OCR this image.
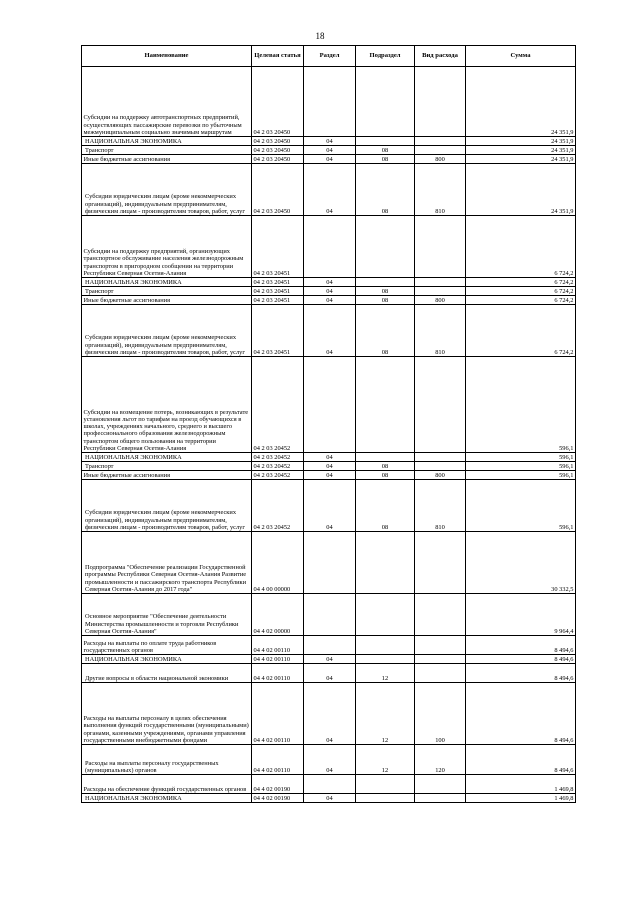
18
Наименование	Целевая статья	Раздел	Подраздел	Вид расхода	Сумма
Субсидии на поддержку автотранспортных предприятий, осуществляющих пассажирские перевозки по убыточным межмуниципальным социально значимым маршрутам	04 2 03 20450				24 351,9
НАЦИОНАЛЬНАЯ ЭКОНОМИКА	04 2 03 20450	04			24 351,9
Транспорт	04 2 03 20450	04	08		24 351,9
Иные бюджетные ассигнования	04 2 03 20450	04	08	800	24 351,9
Субсидии юридическим лицам (кроме некоммерческих организаций), индивидуальным предпринимателям, физическим лицам - производителям товаров, работ, услуг	04 2 03 20450	04	08	810	24 351,9
Субсидии на поддержку предприятий, организующих транспортное обслуживание населения железнодорожным транспортом в пригородном сообщении на территории Республики Северная Осетия-Алания	04 2 03 20451				6 724,2
НАЦИОНАЛЬНАЯ ЭКОНОМИКА	04 2 03 20451	04			6 724,2
Транспорт	04 2 03 20451	04	08		6 724,2
Иные бюджетные ассигнования	04 2 03 20451	04	08	800	6 724,2
Субсидии юридическим лицам (кроме некоммерческих организаций), индивидуальным предпринимателям, физическим лицам - производителям товаров, работ, услуг	04 2 03 20451	04	08	810	6 724,2
Субсидии на возмещение потерь, возникающих в результате установления льгот по тарифам на проезд обучающихся в школах, учреждениях начального, среднего и высшего профессионального образования железнодорожным транспортом общего пользования на территории Республики Северная Осетия-Алания	04 2 03 20452				596,1
НАЦИОНАЛЬНАЯ ЭКОНОМИКА	04 2 03 20452	04			596,1
Транспорт	04 2 03 20452	04	08		596,1
Иные бюджетные ассигнования	04 2 03 20452	04	08	800	596,1
Субсидии юридическим лицам (кроме некоммерческих организаций), индивидуальным предпринимателям, физическим лицам - производителям товаров, работ, услуг	04 2 03 20452	04	08	810	596,1
Подпрограмма "Обеспечение реализации Государственной программы Республики Северная Осетия-Алания Развитие промышленности и пассажирского транспорта Республики Северная Осетия-Алания до 2017 года"	04 4 00 00000				30 332,5
Основное мероприятие "Обеспечение деятельности Министерства промышленности и торговли Республики Северная Осетия-Алания"	04 4 02 00000				9 964,4
Расходы на выплаты по оплате труда работников государственных органов	04 4 02 00110				8 494,6
НАЦИОНАЛЬНАЯ ЭКОНОМИКА	04 4 02 00110	04			8 494,6
Другие вопросы в области национальной экономики	04 4 02 00110	04	12		8 494,6
Расходы на выплаты персоналу в целях обеспечения выполнения функций государственными (муниципальными) органами, казенными учреждениями, органами управления государственными внебюджетными фондами	04 4 02 00110	04	12	100	8 494,6
Расходы на выплаты персоналу государственных (муниципальных) органов	04 4 02 00110	04	12	120	8 494,6
Расходы на обеспечение функций государственных органов	04 4 02 00190				1 469,8
НАЦИОНАЛЬНАЯ ЭКОНОМИКА	04 4 02 00190	04			1 469,8
